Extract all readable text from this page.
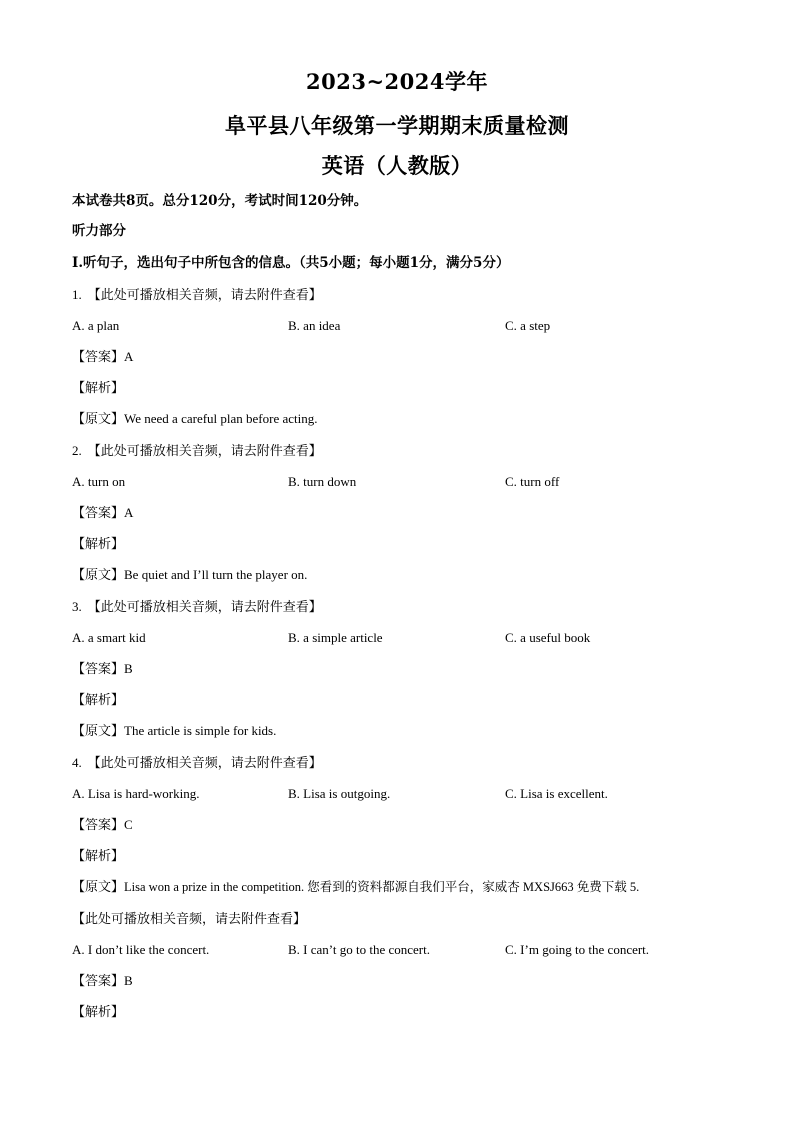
2023~2024学年
阜平县八年级第一学期期末质量检测
英语（人教版）
本试卷共8页。总分120分，考试时间120分钟。
听力部分
Ⅰ.听句子，选出句子中所包含的信息。（共5小题；每小题1分，满分5分）
1. 【此处可播放相关音频，请去附件查看】
A. a plan	B. an idea	C. a step
【答案】A
【解析】
【原文】We need a careful plan before acting.
2. 【此处可播放相关音频，请去附件查看】
A. turn on	B. turn down	C. turn off
【答案】A
【解析】
【原文】Be quiet and I’ll turn the player on.
3. 【此处可播放相关音频，请去附件查看】
A. a smart kid	B. a simple article	C. a useful book
【答案】B
【解析】
【原文】The article is simple for kids.
4. 【此处可播放相关音频，请去附件查看】
A. Lisa is hard-working.	B. Lisa is outgoing.	C. Lisa is excellent.
【答案】C
【解析】
【原文】Lisa won a prize in the competition. 您看到的资料都源自我们平台，家威杏 MXSJ663 免费下载 5.
【此处可播放相关音频，请去附件查看】
A. I don’t like the concert.	B. I can’t go to the concert.	C. I’m going to the concert.
【答案】B
【解析】
